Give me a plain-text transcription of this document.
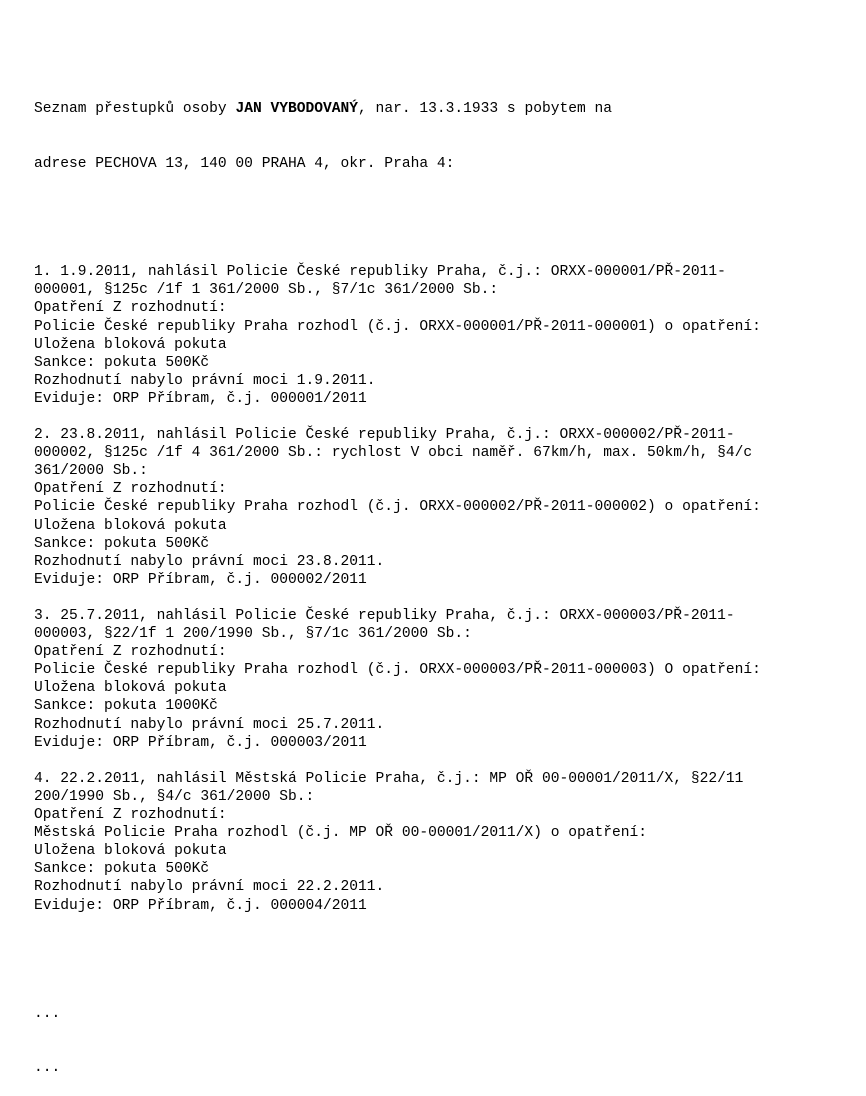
Seznam přestupků osoby JAN VYBODOVANÝ, nar. 13.3.1933 s pobytem na

adrese PECHOVA 13, 140 00 PRAHA 4, okr. Praha 4:

1. 1.9.2011, nahlásil Policie České republiky Praha, č.j.: ORXX-000001/PŘ-2011-
000001, §125c /1f 1 361/2000 Sb., §7/1c 361/2000 Sb.:
Opatření Z rozhodnutí:
Policie České republiky Praha rozhodl (č.j. ORXX-000001/PŘ-2011-000001) o opatření:
Uložena bloková pokuta
Sankce: pokuta 500Kč
Rozhodnutí nabylo právní moci 1.9.2011.
Eviduje: ORP Příbram, č.j. 000001/2011
2. 23.8.2011, nahlásil Policie České republiky Praha, č.j.: ORXX-000002/PŘ-2011-
000002, §125c /1f 4 361/2000 Sb.: rychlost V obci naměř. 67km/h, max. 50km/h, §4/c
361/2000 Sb.:
Opatření Z rozhodnutí:
Policie České republiky Praha rozhodl (č.j. ORXX-000002/PŘ-2011-000002) o opatření:
Uložena bloková pokuta
Sankce: pokuta 500Kč
Rozhodnutí nabylo právní moci 23.8.2011.
Eviduje: ORP Příbram, č.j. 000002/2011
3. 25.7.2011, nahlásil Policie České republiky Praha, č.j.: ORXX-000003/PŘ-2011-
000003, §22/1f 1 200/1990 Sb., §7/1c 361/2000 Sb.:
Opatření Z rozhodnutí:
Policie České republiky Praha rozhodl (č.j. ORXX-000003/PŘ-2011-000003) O opatření:
Uložena bloková pokuta
Sankce: pokuta 1000Kč
Rozhodnutí nabylo právní moci 25.7.2011.
Eviduje: ORP Příbram, č.j. 000003/2011
4. 22.2.2011, nahlásil Městská Policie Praha, č.j.: MP OŘ 00-00001/2011/X, §22/11
200/1990 Sb., §4/c 361/2000 Sb.:
Opatření Z rozhodnutí:
Městská Policie Praha rozhodl (č.j. MP OŘ 00-00001/2011/X) o opatření:
Uložena bloková pokuta
Sankce: pokuta 500Kč
Rozhodnutí nabylo právní moci 22.2.2011.
Eviduje: ORP Příbram, č.j. 000004/2011

...

...
